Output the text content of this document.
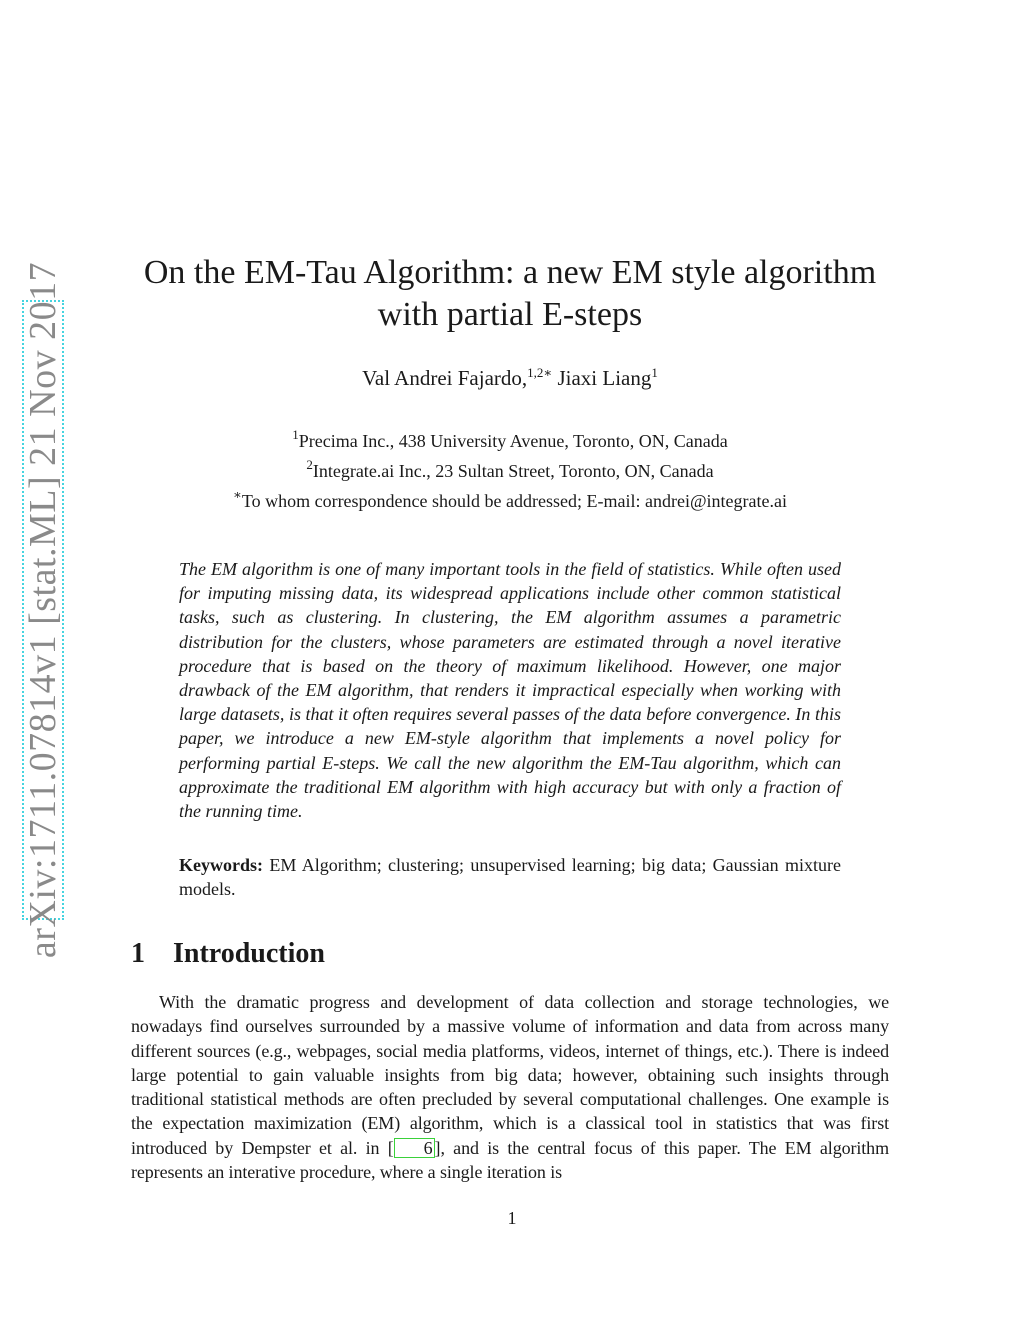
arXiv:1711.07814v1 [stat.ML] 21 Nov 2017	On the EM-Tau Algorithm: a new EM style algorithm
with partial E-steps
Val Andrei Fajardo,$^{1,2∗}$ Jiaxi Liang$^1$
$^1$Precima Inc., 438 University Avenue, Toronto, ON, Canada
$^2$Integrate.ai Inc., 23 Sultan Street, Toronto, ON, Canada
∗To whom correspondence should be addressed; E-mail: andrei@integrate.ai
The EM algorithm is one of many important tools in the field of statistics. While often used for imputing missing data, its widespread applications include other common statistical tasks, such as clustering. In clustering, the EM algorithm assumes a parametric distribution for the clusters, whose parameters are estimated through a novel iterative procedure that is based on the theory of maximum likelihood. However, one major drawback of the EM algorithm, that renders it impractical especially when working with large datasets, is that it often requires several passes of the data before convergence. In this paper, we introduce a new EM-style algorithm that implements a novel policy for performing partial E-steps. We call the new algorithm the EM-Tau algorithm, which can approximate the traditional EM algorithm with high accuracy but with only a fraction of the running time.
Keywords: EM Algorithm; clustering; unsupervised learning; big data; Gaussian mixture models.
1 Introduction
With the dramatic progress and development of data collection and storage technologies, we nowadays find ourselves surrounded by a massive volume of information and data from across many different sources (e.g., webpages, social media platforms, videos, internet of things, etc.). There is indeed large potential to gain valuable insights from big data; however, obtaining such insights through traditional statistical methods are often precluded by several computational challenges. One example is the expectation maximization (EM) algorithm, which is a classical tool in statistics that was first introduced by Dempster et al. in [ 6 ], and is the central focus of this paper. The EM algorithm represents an interative procedure, where a single iteration is
1
